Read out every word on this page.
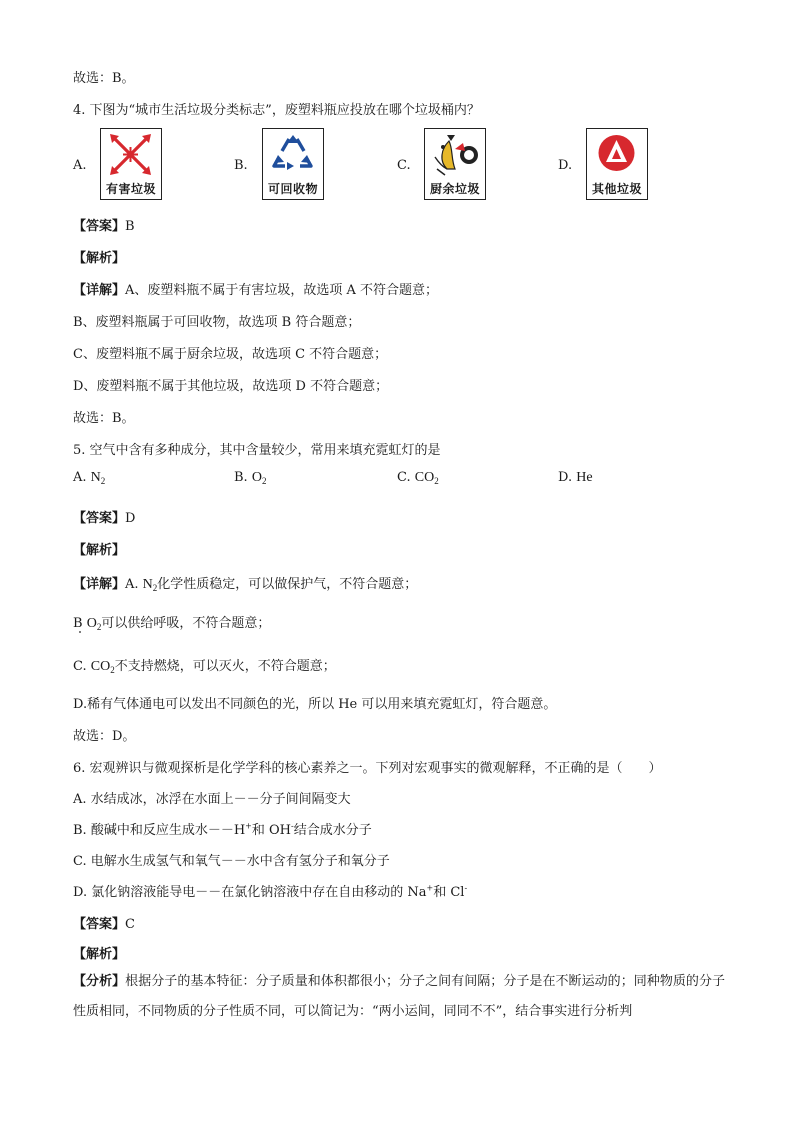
故选：B。
4. 下图为“城市生活垃圾分类标志”，废塑料瓶应投放在哪个垃圾桶内？
A.	B.	C.	D.
有害垃圾	可回收物	厨余垃圾	其他垃圾
【答案】B
【解析】
【详解】A、废塑料瓶不属于有害垃圾，故选项 A 不符合题意；
B、废塑料瓶属于可回收物，故选项 B 符合题意；
C、废塑料瓶不属于厨余垃圾，故选项 C 不符合题意；
D、废塑料瓶不属于其他垃圾，故选项 D 不符合题意；
故选：B。
5. 空气中含有多种成分，其中含量较少，常用来填充霓虹灯的是
A. $N_2$	B. $O_2$	C. $CO_2$	D. He
【答案】D
【解析】
【详解】A. $N_2$化学性质稳定，可以做保护气，不符合题意；
B $O_2$可以供给呼吸，不符合题意；
C. $CO_2$不支持燃烧，可以灭火，不符合题意；
D.稀有气体通电可以发出不同颜色的光，所以 He 可以用来填充霓虹灯，符合题意。
故选：D。
6. 宏观辨识与微观探析是化学学科的核心素养之一。下列对宏观事实的微观解释，不正确的是（　　）
A. 水结成冰，冰浮在水面上－－分子间间隔变大
B. 酸碱中和反应生成水－－H+和 OH-结合成水分子
C. 电解水生成氢气和氧气－－水中含有氢分子和氧分子
D. 氯化钠溶液能导电－－在氯化钠溶液中存在自由移动的 Na+和 Cl-
【答案】C
【解析】
【分析】根据分子的基本特征：分子质量和体积都很小；分子之间有间隔；分子是在不断运动的；同种物质的分子性质相同，不同物质的分子性质不同，可以简记为：“两小运间，同同不不”，结合事实进行分析判
